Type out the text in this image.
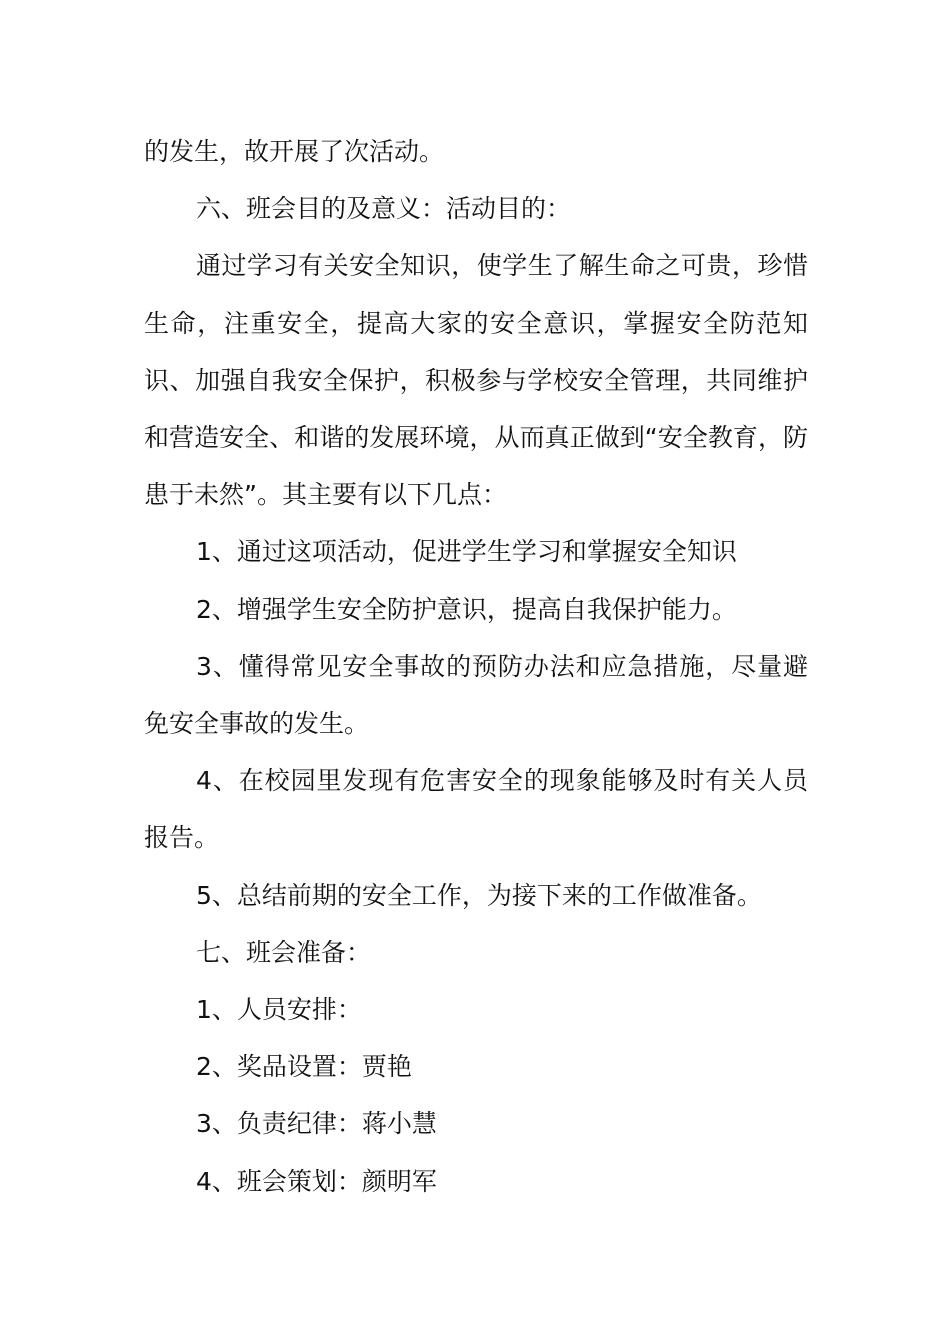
的发生，故开展了次活动。

六、班会目的及意义：活动目的：

通过学习有关安全知识，使学生了解生命之可贵，珍惜生命，注重安全，提高大家的安全意识，掌握安全防范知识、加强自我安全保护，积极参与学校安全管理，共同维护和营造安全、和谐的发展环境，从而真正做到“安全教育，防患于未然”。其主要有以下几点：

1、通过这项活动，促进学生学习和掌握安全知识

2、增强学生安全防护意识，提高自我保护能力。

3、懂得常见安全事故的预防办法和应急措施，尽量避免安全事故的发生。

4、在校园里发现有危害安全的现象能够及时有关人员报告。

5、总结前期的安全工作，为接下来的工作做准备。

七、班会准备：

1、人员安排：

2、奖品设置：贾艳

3、负责纪律：蒋小慧

4、班会策划：颜明军
